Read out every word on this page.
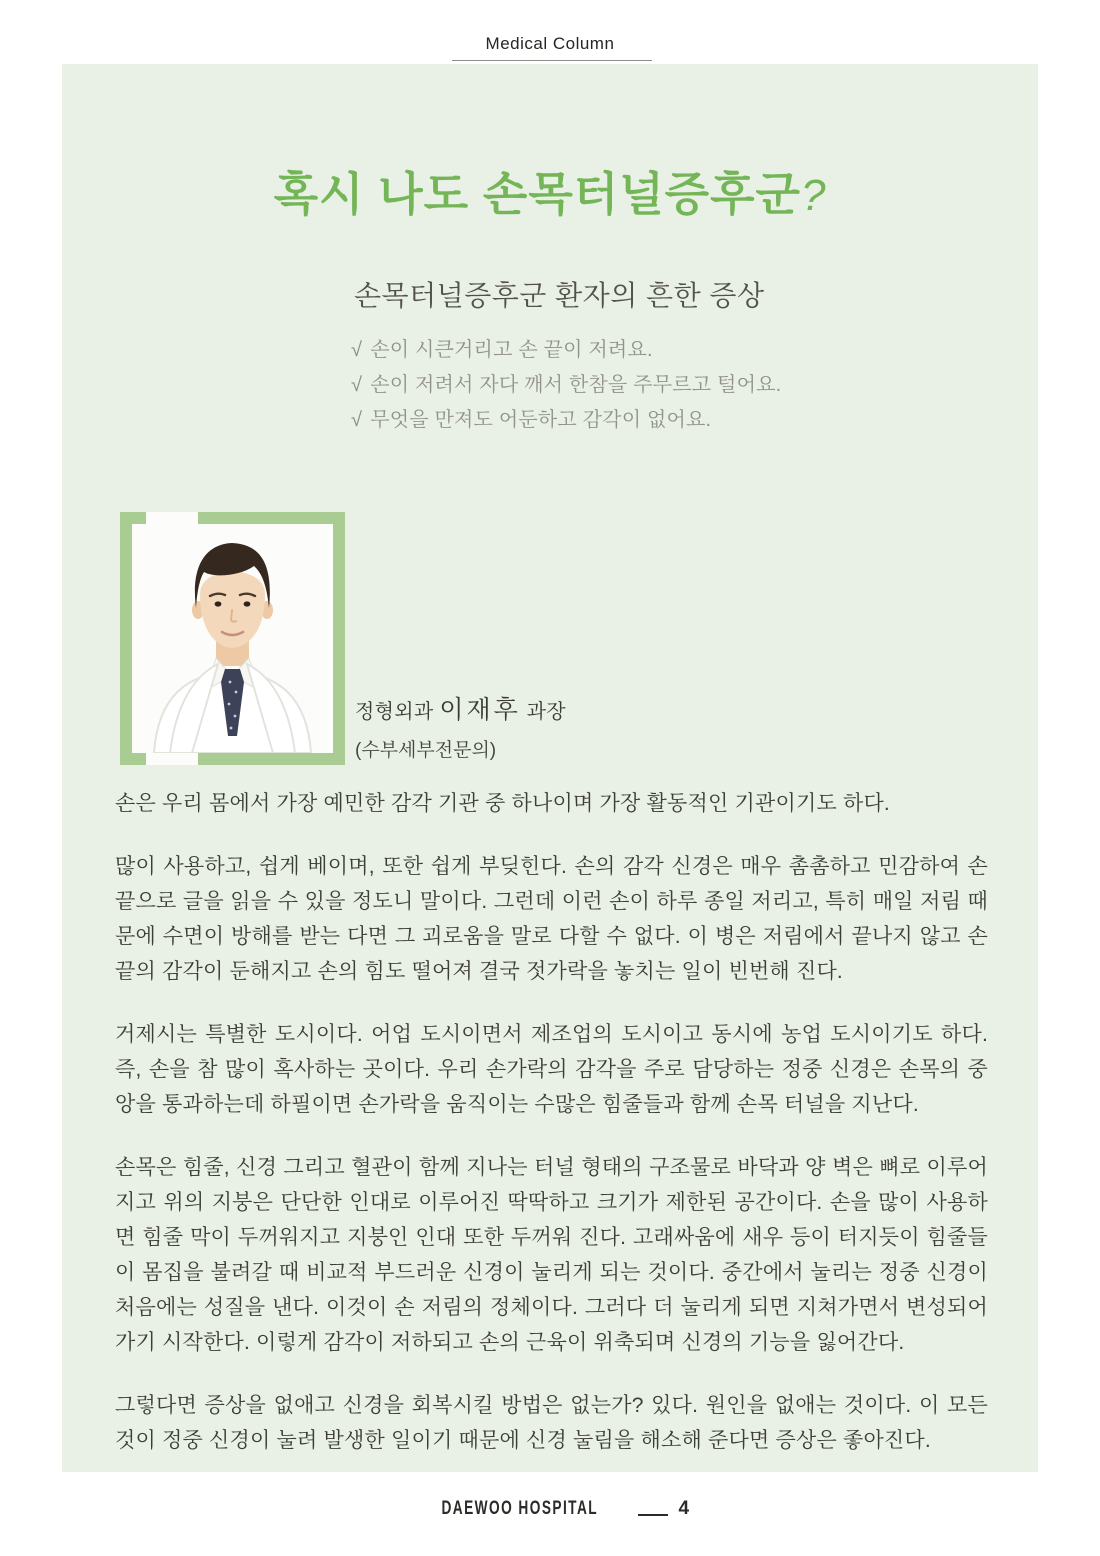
Medical Column
혹시 나도 손목터널증후군?
손목터널증후군 환자의 흔한 증상
√ 손이 시큰거리고 손 끝이 저려요.
√ 손이 저려서 자다 깨서 한참을 주무르고 털어요.
√ 무엇을 만져도 어둔하고 감각이 없어요.
정형외과 이재후 과장
(수부세부전문의)

손은 우리 몸에서 가장 예민한 감각 기관 중 하나이며 가장 활동적인 기관이기도 하다.

많이 사용하고, 쉽게 베이며, 또한 쉽게 부딪힌다. 손의 감각 신경은 매우 촘촘하고 민감하여 손 끝으로 글을 읽을 수 있을 정도니 말이다. 그런데 이런 손이 하루 종일 저리고, 특히 매일 저림 때문에 수면이 방해를 받는 다면 그 괴로움을 말로 다할 수 없다. 이 병은 저림에서 끝나지 않고 손 끝의 감각이 둔해지고 손의 힘도 떨어져 결국 젓가락을 놓치는 일이 빈번해 진다.

거제시는 특별한 도시이다. 어업 도시이면서 제조업의 도시이고 동시에 농업 도시이기도 하다. 즉, 손을 참 많이 혹사하는 곳이다. 우리 손가락의 감각을 주로 담당하는 정중 신경은 손목의 중앙을 통과하는데 하필이면 손가락을 움직이는 수많은 힘줄들과 함께 손목 터널을 지난다.

손목은 힘줄, 신경 그리고 혈관이 함께 지나는 터널 형태의 구조물로 바닥과 양 벽은 뼈로 이루어지고 위의 지붕은 단단한 인대로 이루어진 딱딱하고 크기가 제한된 공간이다. 손을 많이 사용하면 힘줄 막이 두꺼워지고 지붕인 인대 또한 두꺼워 진다. 고래싸움에 새우 등이 터지듯이 힘줄들이 몸집을 불려갈 때 비교적 부드러운 신경이 눌리게 되는 것이다. 중간에서 눌리는 정중 신경이 처음에는 성질을 낸다. 이것이 손 저림의 정체이다. 그러다 더 눌리게 되면 지쳐가면서 변성되어가기 시작한다. 이렇게 감각이 저하되고 손의 근육이 위축되며 신경의 기능을 잃어간다.

그렇다면 증상을 없애고 신경을 회복시킬 방법은 없는가? 있다. 원인을 없애는 것이다. 이 모든 것이 정중 신경이 눌려 발생한 일이기 때문에 신경 눌림을 해소해 준다면 증상은 좋아진다.

DAEWOO HOSPITAL	4
